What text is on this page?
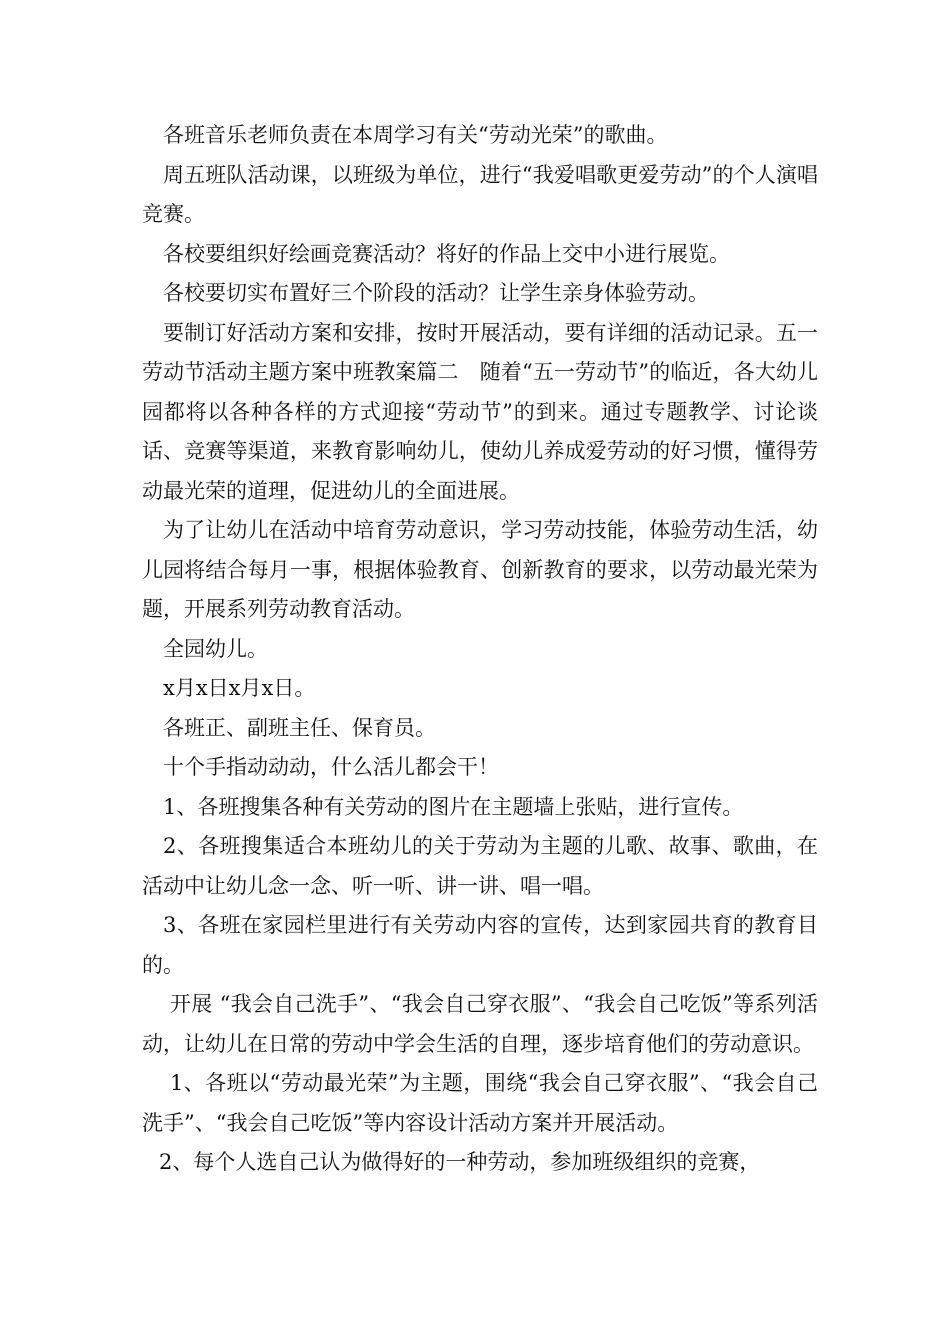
各班音乐老师负责在本周学习有关“劳动光荣”的歌曲。

周五班队活动课，以班级为单位，进行“我爱唱歌更爱劳动”的个人演唱竞赛。

各校要组织好绘画竞赛活动？将好的作品上交中小进行展览。

各校要切实布置好三个阶段的活动？让学生亲身体验劳动。

要制订好活动方案和安排，按时开展活动，要有详细的活动记录。五一劳动节活动主题方案中班教案篇二　随着“五一劳动节”的临近，各大幼儿园都将以各种各样的方式迎接“劳动节”的到来。通过专题教学、讨论谈话、竞赛等渠道，来教育影响幼儿，使幼儿养成爱劳动的好习惯，懂得劳动最光荣的道理，促进幼儿的全面进展。

为了让幼儿在活动中培育劳动意识，学习劳动技能，体验劳动生活，幼儿园将结合每月一事，根据体验教育、创新教育的要求，以劳动最光荣为题，开展系列劳动教育活动。

全园幼儿。

x月x日x月x日。

各班正、副班主任、保育员。

十个手指动动动，什么活儿都会干！

1、各班搜集各种有关劳动的图片在主题墙上张贴，进行宣传。

2、各班搜集适合本班幼儿的关于劳动为主题的儿歌、故事、歌曲，在活动中让幼儿念一念、听一听、讲一讲、唱一唱。

3、各班在家园栏里进行有关劳动内容的宣传，达到家园共育的教育目的。

开展 “我会自己洗手”、“我会自己穿衣服”、“我会自己吃饭”等系列活动，让幼儿在日常的劳动中学会生活的自理，逐步培育他们的劳动意识。

1、各班以“劳动最光荣”为主题，围绕“我会自己穿衣服”、“我会自己洗手”、“我会自己吃饭”等内容设计活动方案并开展活动。

2、每个人选自己认为做得好的一种劳动，参加班级组织的竞赛，
